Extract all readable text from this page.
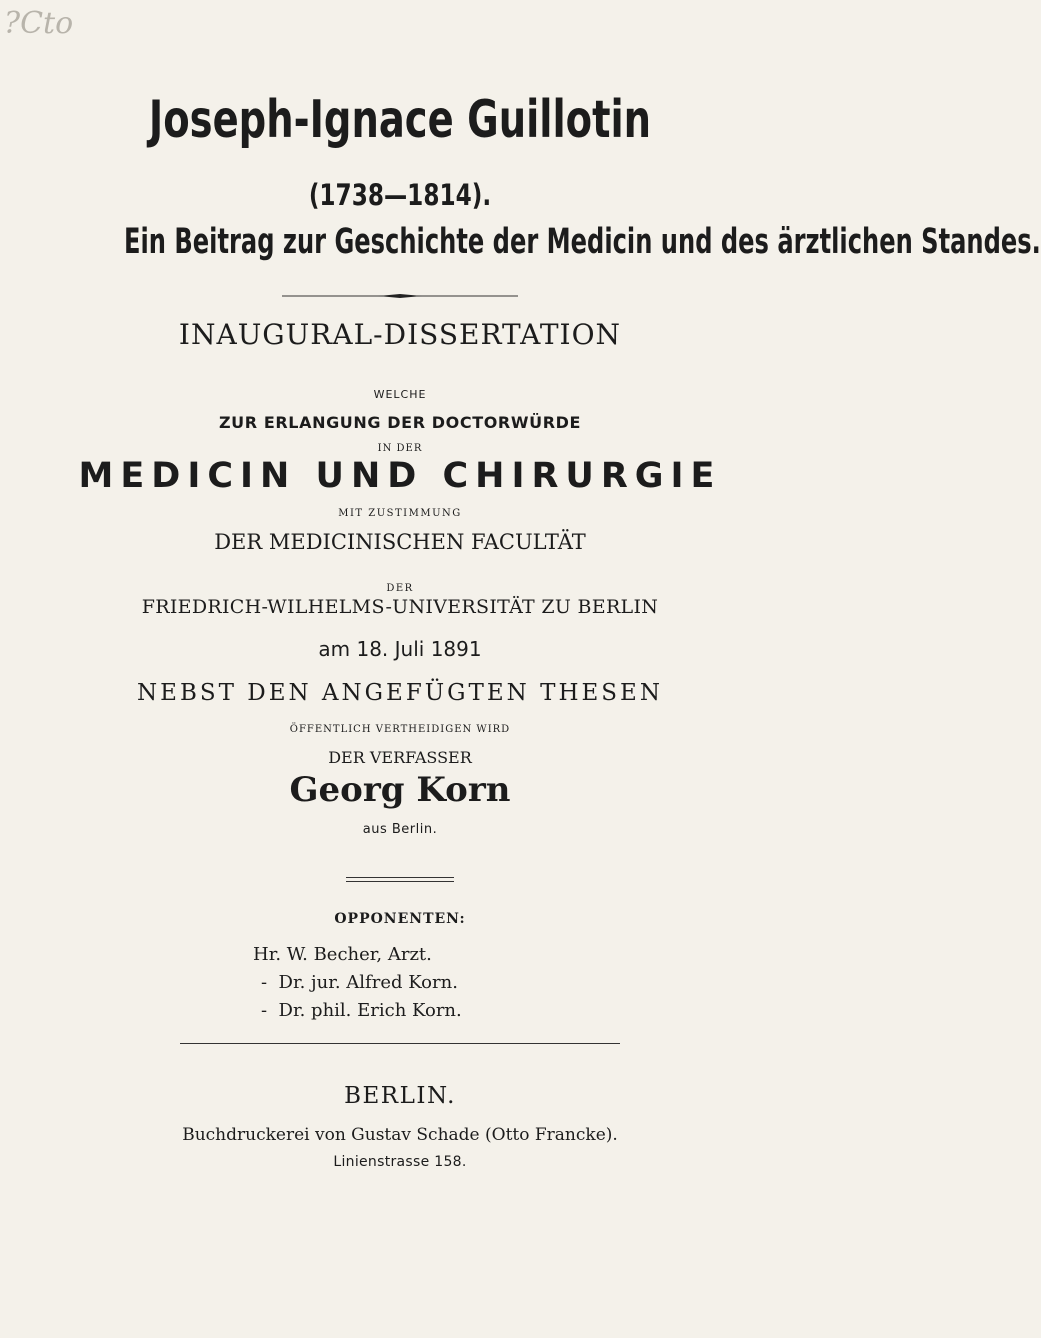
?Cto
Joseph-Ignace Guillotin
(1738—1814).
Ein Beitrag zur Geschichte der Medicin und des ärztlichen Standes.
INAUGURAL-DISSERTATION
WELCHE
ZUR ERLANGUNG DER DOCTORWÜRDE
IN DER
MEDICIN UND CHIRURGIE
MIT ZUSTIMMUNG
DER MEDICINISCHEN FACULTÄT
DER
FRIEDRICH-WILHELMS-UNIVERSITÄT ZU BERLIN
am 18. Juli 1891
NEBST DEN ANGEFÜGTEN THESEN
ÖFFENTLICH VERTHEIDIGEN WIRD
DER VERFASSER
Georg Korn
aus Berlin.
OPPONENTEN:
Hr. W. Becher, Arzt.
- Dr. jur. Alfred Korn.
- Dr. phil. Erich Korn.
BERLIN.
Buchdruckerei von Gustav Schade (Otto Francke).
Linienstrasse 158.
